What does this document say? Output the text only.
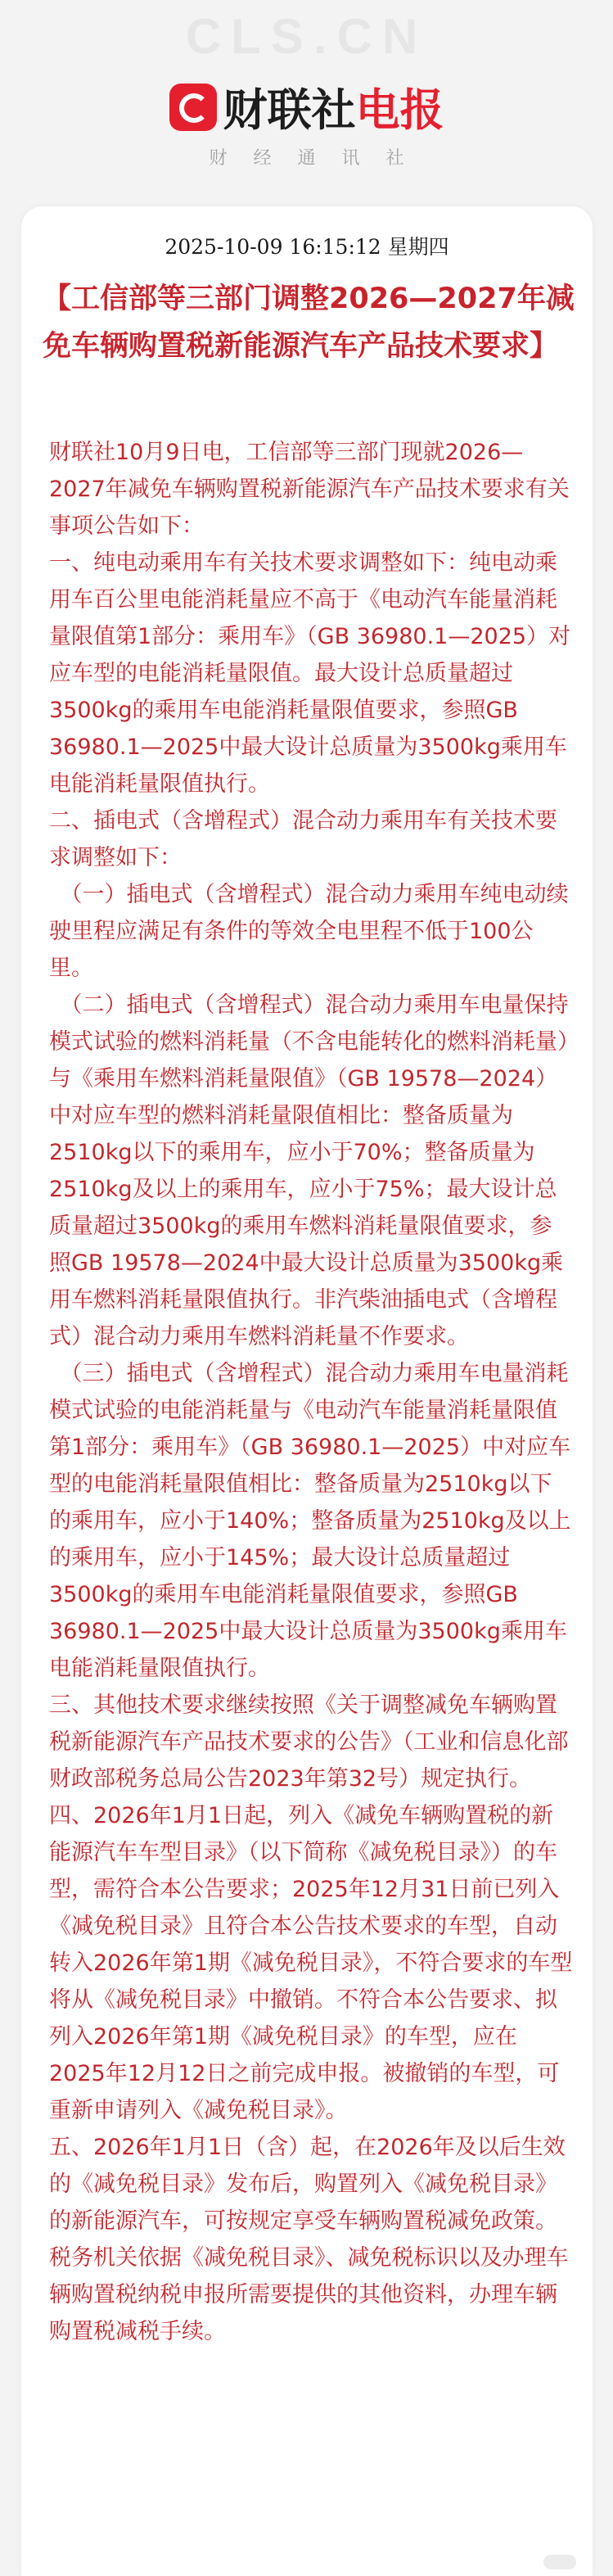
CLS.CN
财联社电报
财经通讯社
2025-10-09 16:15:12 星期四
【工信部等三部门调整2026—2027年减免车辆购置税新能源汽车产品技术要求】

财联社10月9日电，工信部等三部门现就2026—2027年减免车辆购置税新能源汽车产品技术要求有关事项公告如下：

一、纯电动乘用车有关技术要求调整如下：纯电动乘用车百公里电能消耗量应不高于《电动汽车能量消耗量限值第1部分：乘用车》（GB 36980.1—2025）对应车型的电能消耗量限值。最大设计总质量超过3500kg的乘用车电能消耗量限值要求，参照GB 36980.1—2025中最大设计总质量为3500kg乘用车电能消耗量限值执行。

二、插电式（含增程式）混合动力乘用车有关技术要求调整如下：

（一）插电式（含增程式）混合动力乘用车纯电动续驶里程应满足有条件的等效全电里程不低于100公里。

（二）插电式（含增程式）混合动力乘用车电量保持模式试验的燃料消耗量（不含电能转化的燃料消耗量）与《乘用车燃料消耗量限值》（GB 19578—2024）中对应车型的燃料消耗量限值相比：整备质量为2510kg以下的乘用车，应小于70%；整备质量为2510kg及以上的乘用车，应小于75%；最大设计总质量超过3500kg的乘用车燃料消耗量限值要求，参照GB 19578—2024中最大设计总质量为3500kg乘用车燃料消耗量限值执行。非汽柴油插电式（含增程式）混合动力乘用车燃料消耗量不作要求。

（三）插电式（含增程式）混合动力乘用车电量消耗模式试验的电能消耗量与《电动汽车能量消耗量限值第1部分：乘用车》（GB 36980.1—2025）中对应车型的电能消耗量限值相比：整备质量为2510kg以下的乘用车，应小于140%；整备质量为2510kg及以上的乘用车，应小于145%；最大设计总质量超过3500kg的乘用车电能消耗量限值要求，参照GB 36980.1—2025中最大设计总质量为3500kg乘用车电能消耗量限值执行。

三、其他技术要求继续按照《关于调整减免车辆购置税新能源汽车产品技术要求的公告》（工业和信息化部财政部税务总局公告2023年第32号）规定执行。

四、2026年1月1日起，列入《减免车辆购置税的新能源汽车车型目录》（以下简称《减免税目录》）的车型，需符合本公告要求；2025年12月31日前已列入《减免税目录》且符合本公告技术要求的车型，自动转入2026年第1期《减免税目录》，不符合要求的车型将从《减免税目录》中撤销。不符合本公告要求、拟列入2026年第1期《减免税目录》的车型，应在2025年12月12日之前完成申报。被撤销的车型，可重新申请列入《减免税目录》。

五、2026年1月1日（含）起，在2026年及以后生效的《减免税目录》发布后，购置列入《减免税目录》的新能源汽车，可按规定享受车辆购置税减免政策。税务机关依据《减免税目录》、减免税标识以及办理车辆购置税纳税申报所需要提供的其他资料，办理车辆购置税减税手续。
